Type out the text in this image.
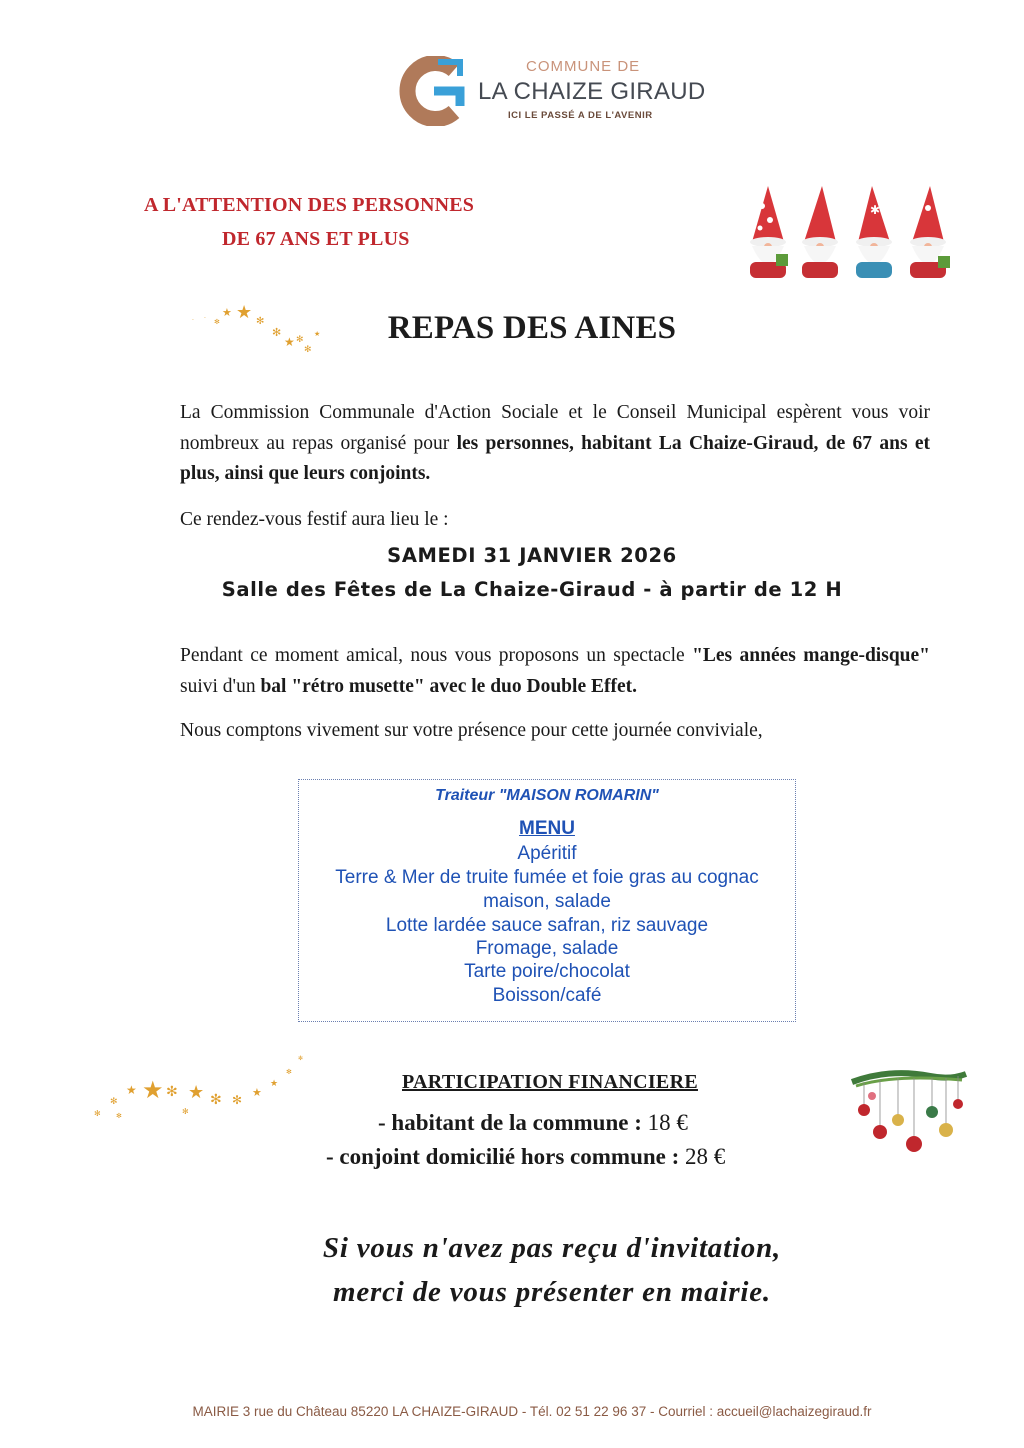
COMMUNE DE
LA CHAIZE GIRAUD
ICI LE PASSÉ A DE L'AVENIR
A L'ATTENTION DES PERSONNES
DE 67 ANS ET PLUS
✱
★
★
✻
✻
★ ✻
✻
✻
·
·
★	REPAS DES AINES
La Commission Communale d'Action Sociale et le Conseil Municipal espèrent vous voir nombreux au repas organisé pour les personnes, habitant La Chaize-Giraud, de 67 ans et plus, ainsi que leurs conjoints.
Ce rendez-vous festif aura lieu le :
SAMEDI 31 JANVIER 2026
Salle des Fêtes de La Chaize-Giraud - à partir de 12 H
Pendant ce moment amical, nous vous proposons un spectacle "Les années mange-disque" suivi d'un bal "rétro musette" avec le duo Double Effet.
Nous comptons vivement sur votre présence pour cette journée conviviale,
Traiteur "MAISON ROMARIN"
MENU
Apéritif
Terre & Mer de truite fumée et foie gras au cognac
maison, salade
Lotte lardée sauce safran, riz sauvage
Fromage, salade
Tarte poire/chocolat
Boisson/café
★
★ ✻ ★ ✻ ✻
★
★
✻
✻
✻
✻ ✻	✻
PARTICIPATION FINANCIERE
- habitant de la commune : 18 €
- conjoint domicilié hors commune : 28 €
Si vous n'avez pas reçu d'invitation,
merci de vous présenter en mairie.
MAIRIE 3 rue du Château 85220 LA CHAIZE-GIRAUD - Tél. 02 51 22 96 37 - Courriel : accueil@lachaizegiraud.fr
